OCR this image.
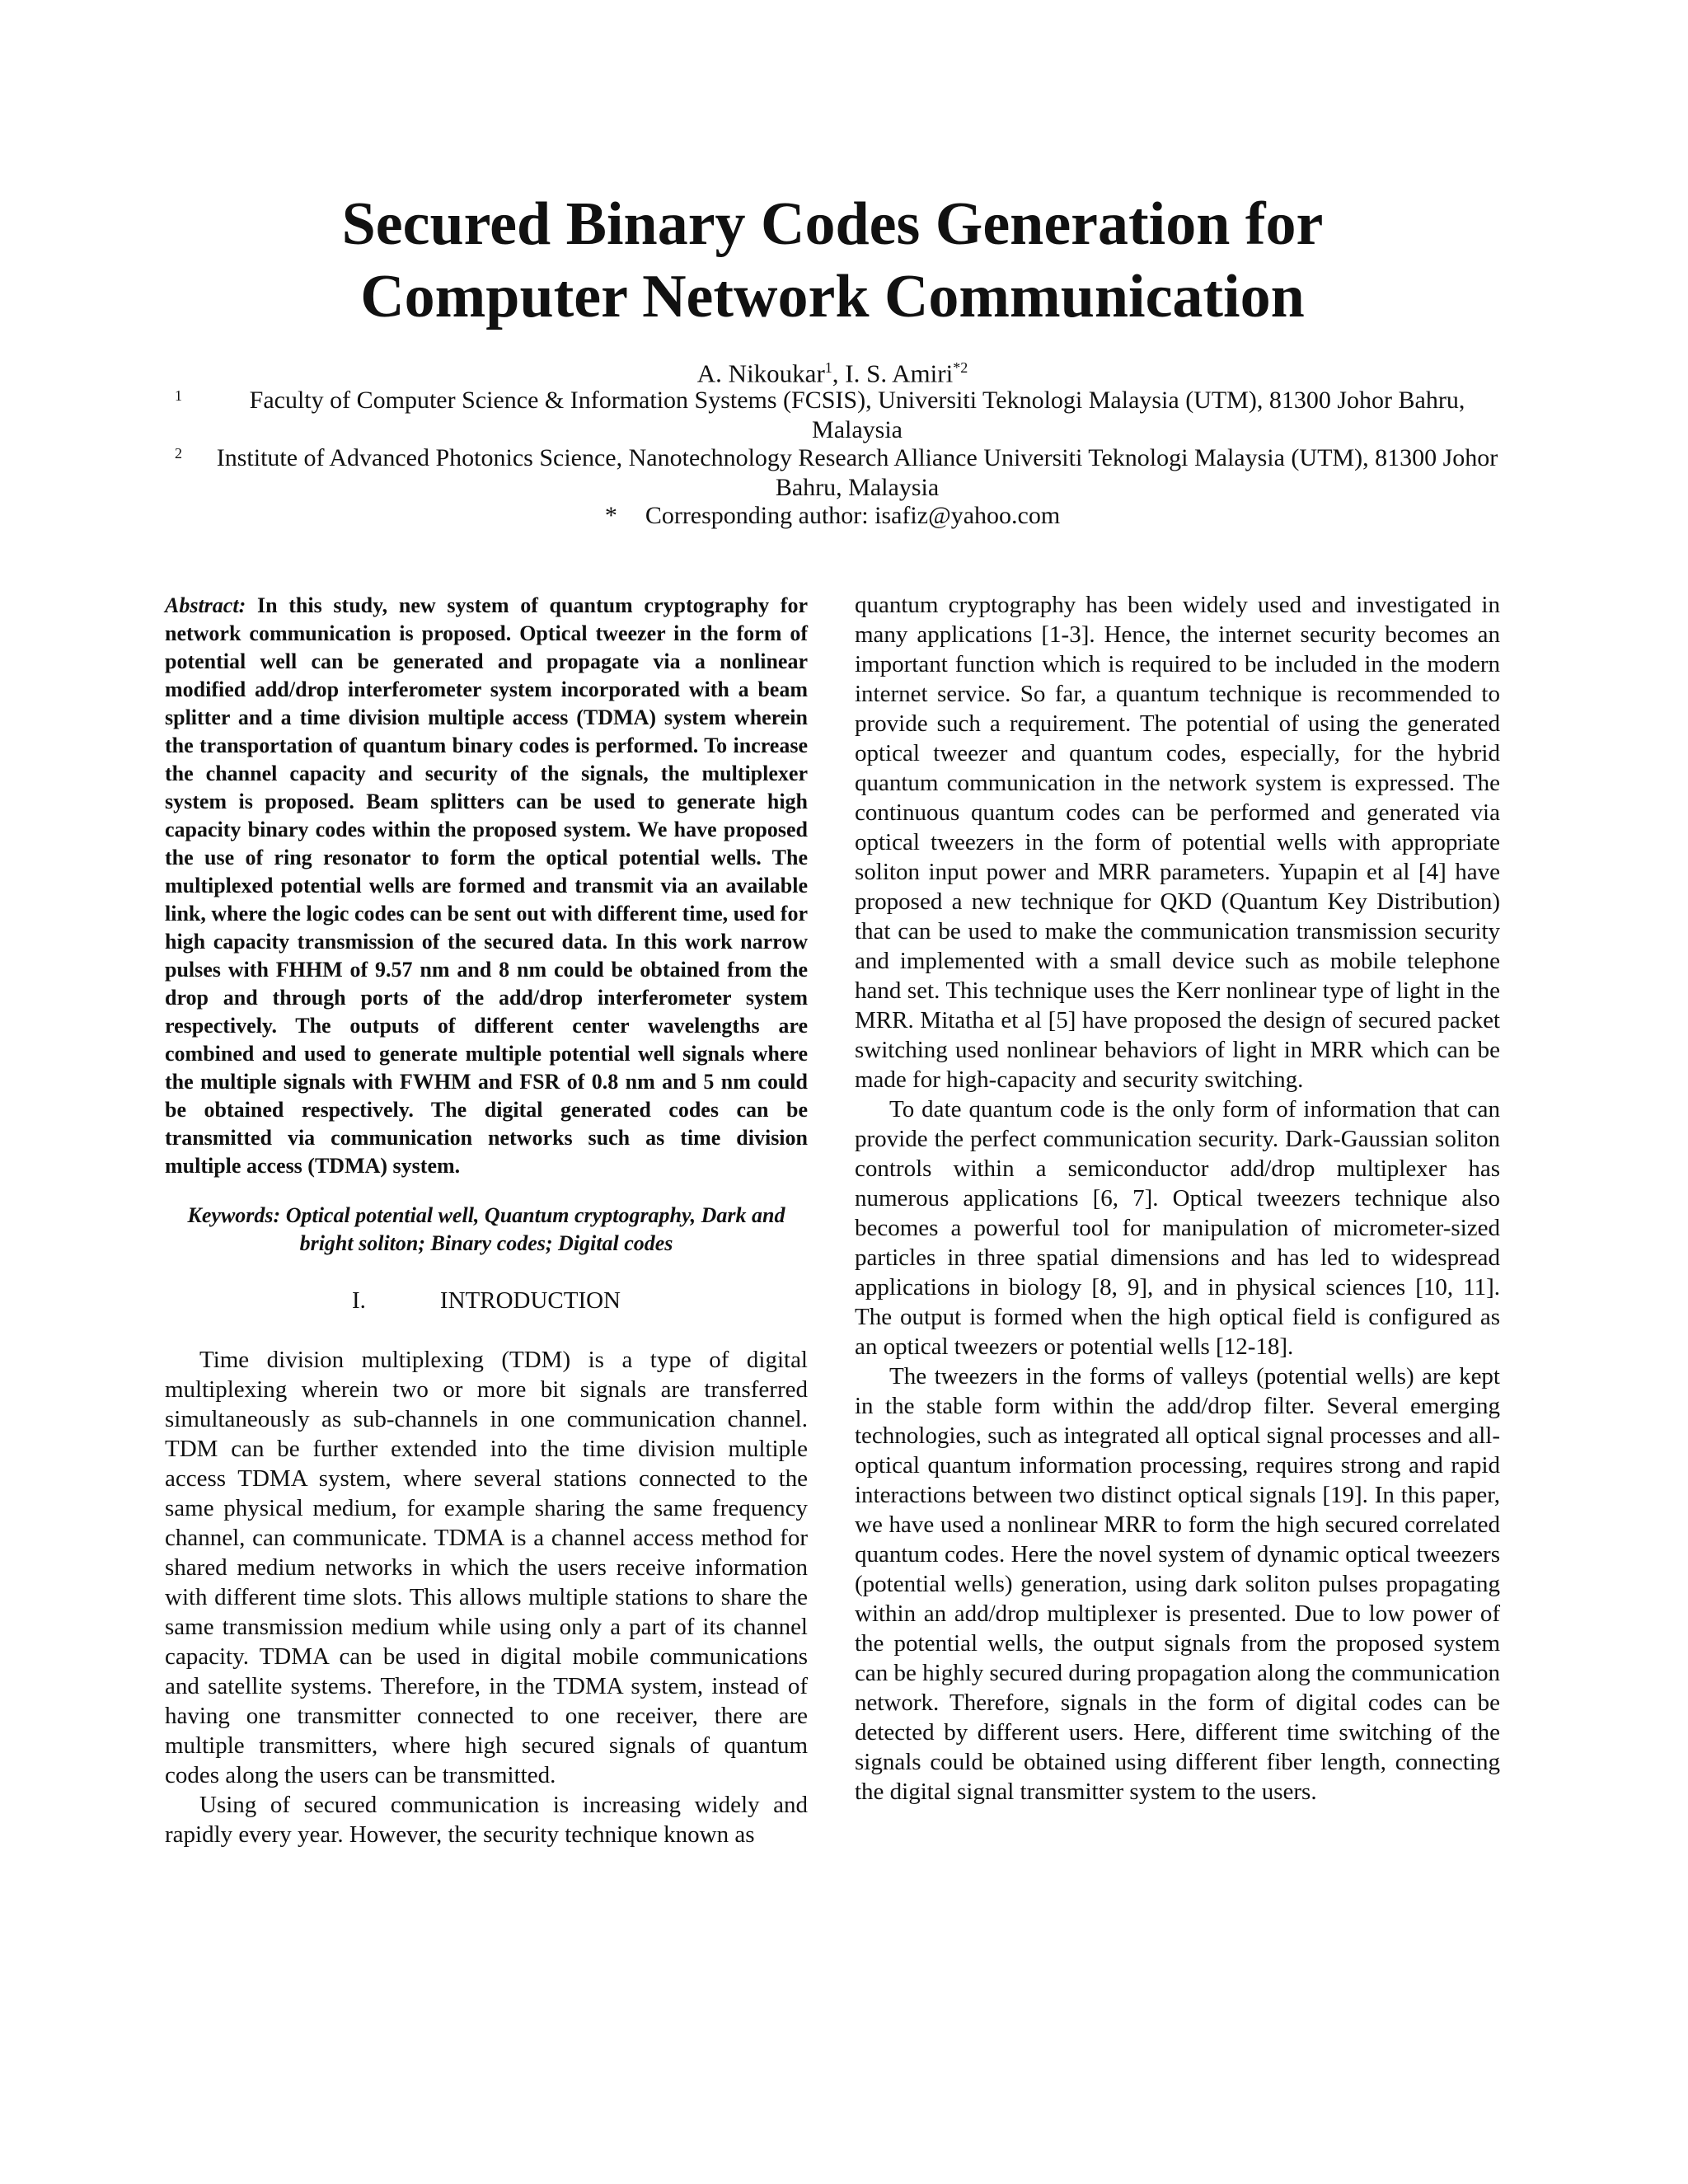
Secured Binary Codes Generation for
Computer Network Communication
A. Nikoukar$^1$, I. S. Amiri$^{*2}$
1	Faculty of Computer Science & Information Systems (FCSIS), Universiti Teknologi Malaysia (UTM), 81300 Johor Bahru, Malaysia
2 Institute of Advanced Photonics Science, Nanotechnology Research Alliance Universiti Teknologi Malaysia (UTM), 81300 Johor Bahru, Malaysia
* Corresponding author: isafiz@yahoo.com

Abstract: In this study, new system of quantum cryptography for network communication is proposed. Optical tweezer in the form of potential well can be generated and propagate via a nonlinear modified add/drop interferometer system incorporated with a beam splitter and a time division multiple access (TDMA) system wherein the transportation of quantum binary codes is performed. To increase the channel capacity and security of the signals, the multiplexer system is proposed. Beam splitters can be used to generate high capacity binary codes within the proposed system. We have proposed the use of ring resonator to form the optical potential wells. The multiplexed potential wells are formed and transmit via an available link, where the logic codes can be sent out with different time, used for high capacity transmission of the secured data. In this work narrow pulses with FHHM of 9.57 nm and 8 nm could be obtained from the drop and through ports of the add/drop interferometer system respectively. The outputs of different center wavelengths are combined and used to generate multiple potential well signals where the multiple signals with FWHM and FSR of 0.8 nm and 5 nm could be obtained respectively. The digital generated codes can be transmitted via communication networks such as time division multiple access (TDMA) system.

Keywords: Optical potential well, Quantum cryptography, Dark and bright soliton; Binary codes; Digital codes
I.	INTRODUCTION

Time division multiplexing (TDM) is a type of digital multiplexing wherein two or more bit signals are transferred simultaneously as sub-channels in one communication channel. TDM can be further extended into the time division multiple access TDMA system, where several stations connected to the same physical medium, for example sharing the same frequency channel, can communicate. TDMA is a channel access method for shared medium networks in which the users receive information with different time slots. This allows multiple stations to share the same transmission medium while using only a part of its channel capacity. TDMA can be used in digital mobile communications and satellite systems. Therefore, in the TDMA system, instead of having one transmitter connected to one receiver, there are multiple transmitters, where high secured signals of quantum codes along the users can be transmitted.

Using of secured communication is increasing widely and rapidly every year. However, the security technique known as

quantum cryptography has been widely used and investigated in many applications [1-3]. Hence, the internet security becomes an important function which is required to be included in the modern internet service. So far, a quantum technique is recommended to provide such a requirement. The potential of using the generated optical tweezer and quantum codes, especially, for the hybrid quantum communication in the network system is expressed. The continuous quantum codes can be performed and generated via optical tweezers in the form of potential wells with appropriate soliton input power and MRR parameters. Yupapin et al [4] have proposed a new technique for QKD (Quantum Key Distribution) that can be used to make the communication transmission security and implemented with a small device such as mobile telephone hand set. This technique uses the Kerr nonlinear type of light in the MRR. Mitatha et al [5] have proposed the design of secured packet switching used nonlinear behaviors of light in MRR which can be made for high-capacity and security switching.

To date quantum code is the only form of information that can provide the perfect communication security. Dark-Gaussian soliton controls within a semiconductor add/drop multiplexer has numerous applications [6, 7]. Optical tweezers technique also becomes a powerful tool for manipulation of micrometer-sized particles in three spatial dimensions and has led to widespread applications in biology [8, 9], and in physical sciences [10, 11]. The output is formed when the high optical field is configured as an optical tweezers or potential wells [12-18].

The tweezers in the forms of valleys (potential wells) are kept in the stable form within the add/drop filter. Several emerging technologies, such as integrated all optical signal processes and all-optical quantum information processing, requires strong and rapid interactions between two distinct optical signals [19]. In this paper, we have used a nonlinear MRR to form the high secured correlated quantum codes. Here the novel system of dynamic optical tweezers (potential wells) generation, using dark soliton pulses propagating within an add/drop multiplexer is presented. Due to low power of the potential wells, the output signals from the proposed system can be highly secured during propagation along the communication network. Therefore, signals in the form of digital codes can be detected by different users. Here, different time switching of the signals could be obtained using different fiber length, connecting the digital signal transmitter system to the users.
